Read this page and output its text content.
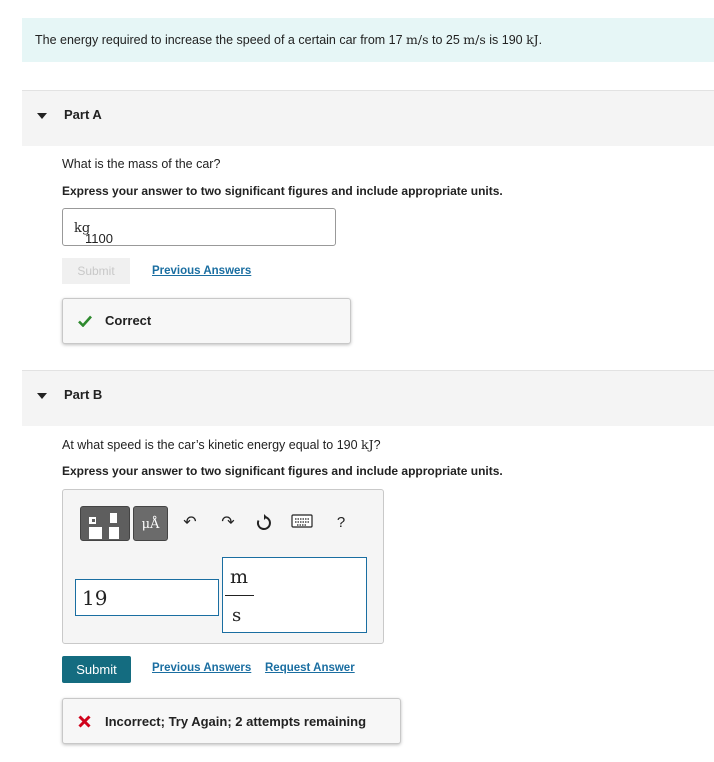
The energy required to increase the speed of a certain car from 17 m/s to 25 m/s is 190 kJ.
Part A
What is the mass of the car?
Express your answer to two significant figures and include appropriate units.
1100
kg
Submit	Previous Answers
Correct
Part B
At what speed is the car’s kinetic energy equal to 190 kJ?
Express your answer to two significant figures and include appropriate units.
μÅ	↶ ↷	?
19
m
s
Submit	Previous Answers Request Answer
Incorrect; Try Again; 2 attempts remaining
